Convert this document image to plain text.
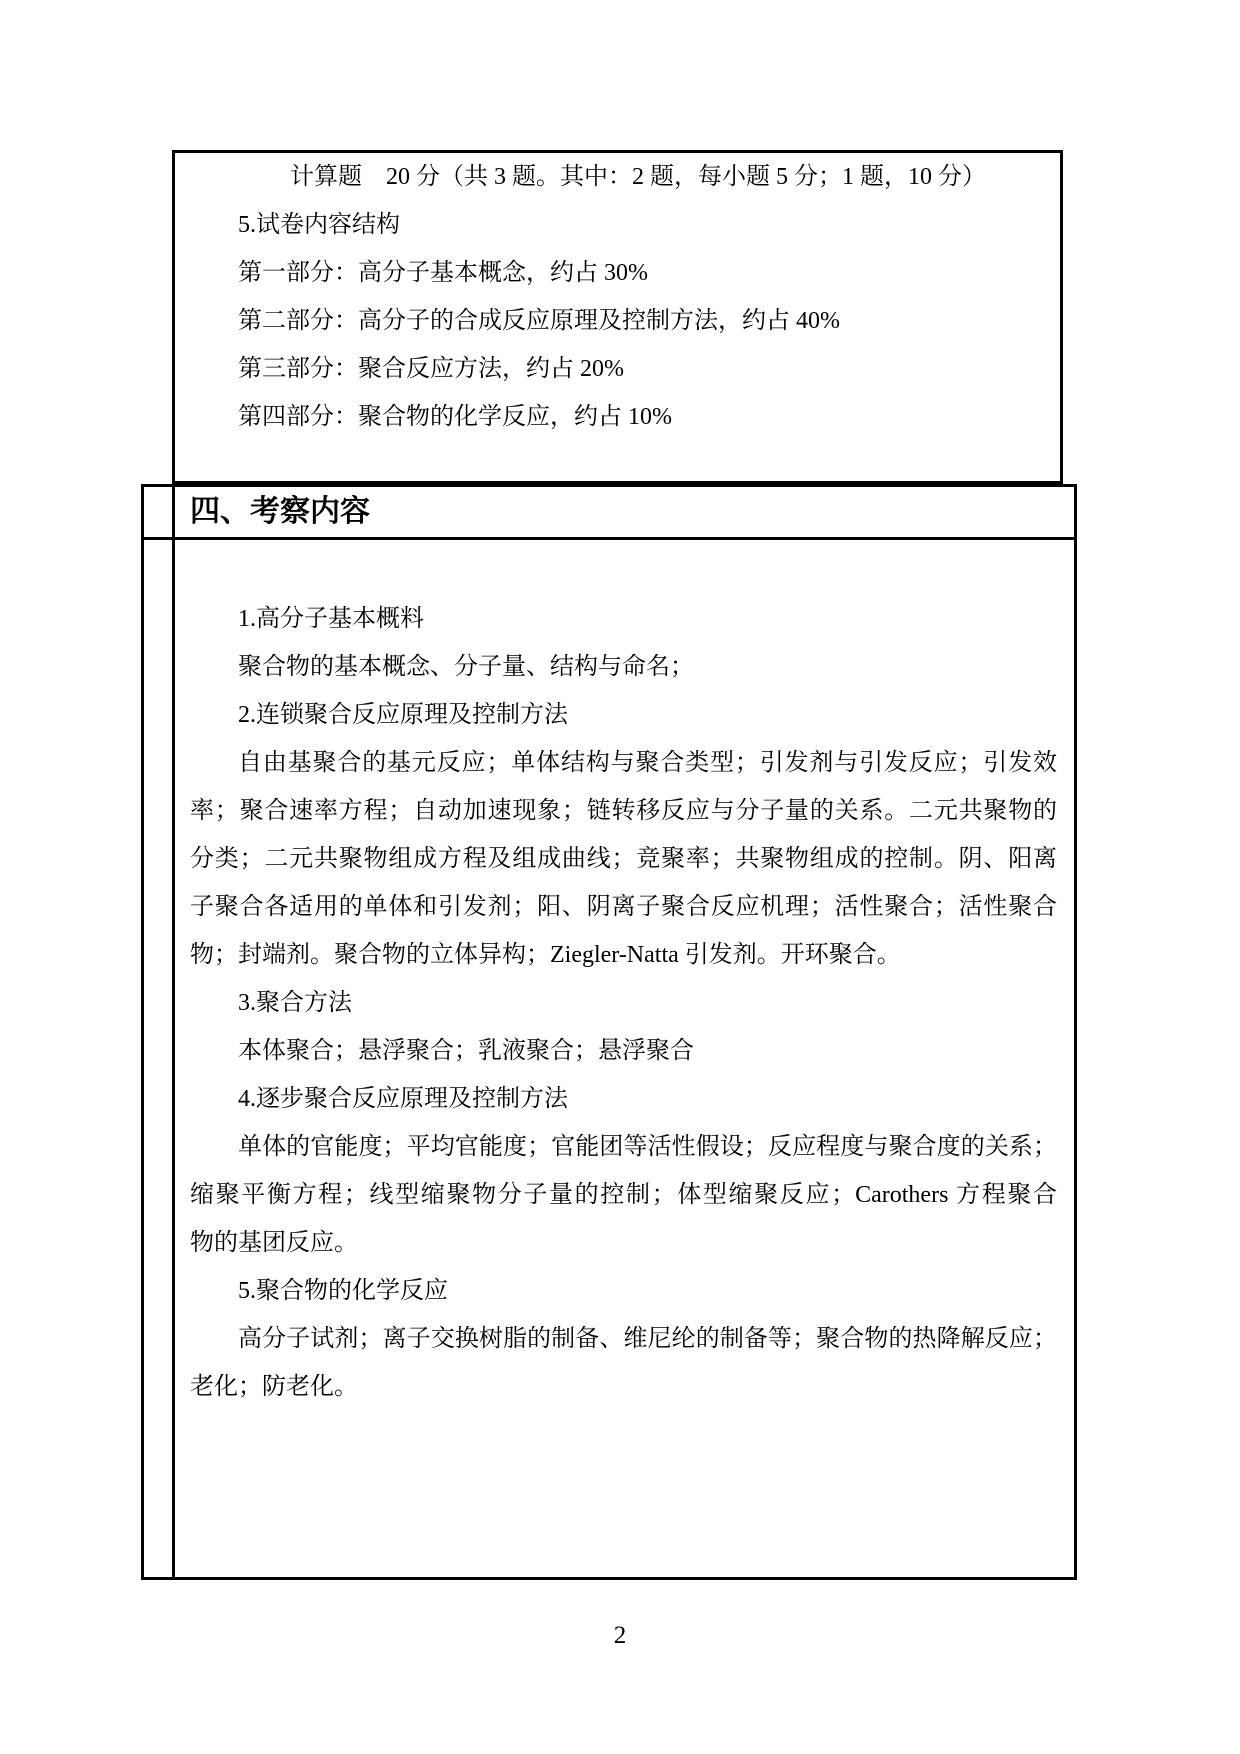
计算题　20 分（共 3 题。其中：2 题，每小题 5 分；1 题，10 分）
5.试卷内容结构
第一部分：高分子基本概念，约占 30%
第二部分：高分子的合成反应原理及控制方法，约占 40%
第三部分：聚合反应方法，约占 20%
第四部分：聚合物的化学反应，约占 10%
四、考察内容
1.高分子基本概料
聚合物的基本概念、分子量、结构与命名；
2.连锁聚合反应原理及控制方法
自由基聚合的基元反应；单体结构与聚合类型；引发剂与引发反应；引发效
率；聚合速率方程；自动加速现象；链转移反应与分子量的关系。二元共聚物的
分类；二元共聚物组成方程及组成曲线；竞聚率；共聚物组成的控制。阴、阳离
子聚合各适用的单体和引发剂；阳、阴离子聚合反应机理；活性聚合；活性聚合
物；封端剂。聚合物的立体异构；Ziegler-Natta 引发剂。开环聚合。
3.聚合方法
本体聚合；悬浮聚合；乳液聚合；悬浮聚合
4.逐步聚合反应原理及控制方法
单体的官能度；平均官能度；官能团等活性假设；反应程度与聚合度的关系；
缩聚平衡方程；线型缩聚物分子量的控制；体型缩聚反应；Carothers 方程聚合
物的基团反应。
5.聚合物的化学反应
高分子试剂；离子交换树脂的制备、维尼纶的制备等；聚合物的热降解反应；
老化；防老化。
2
